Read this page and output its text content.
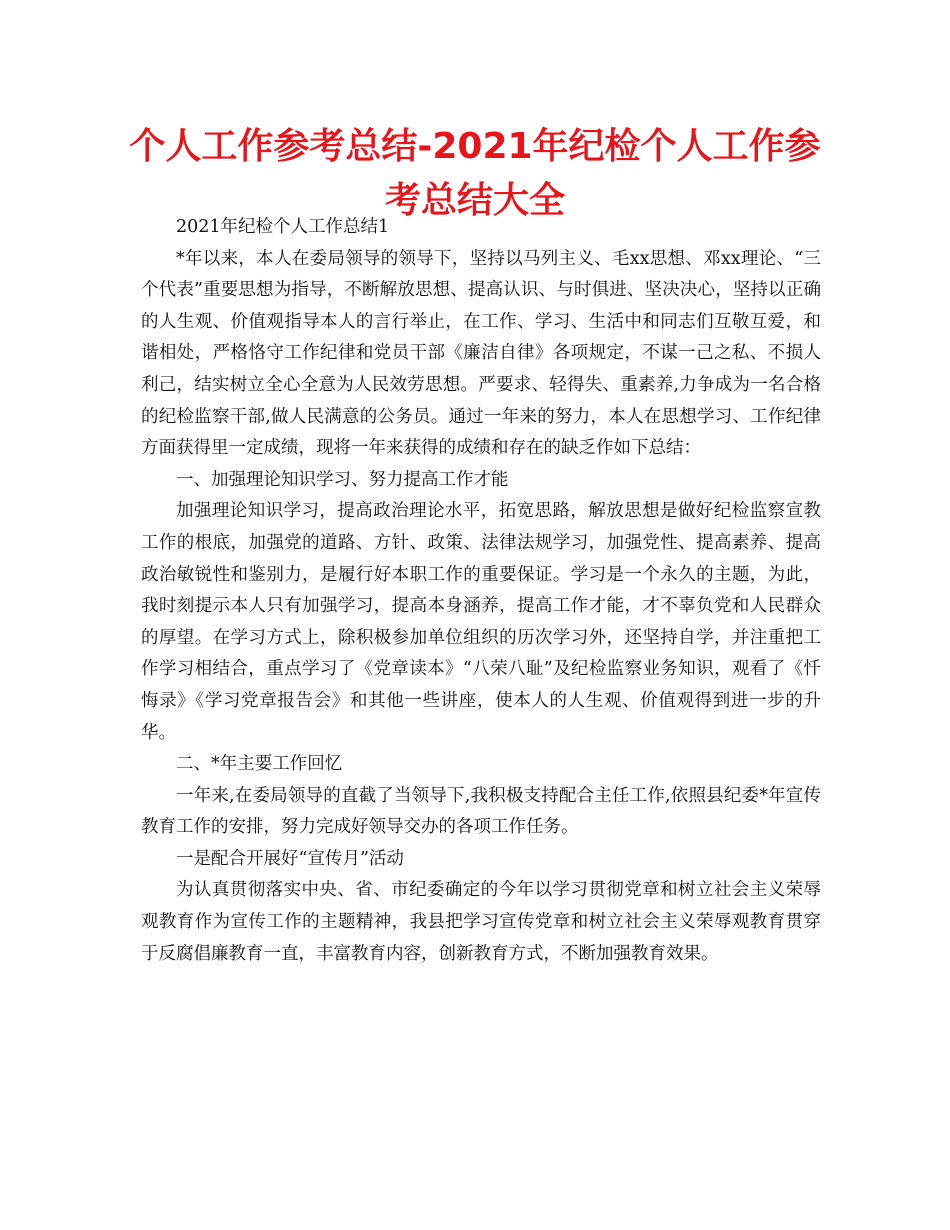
个人工作参考总结-2021年纪检个人工作参考总结大全

2021年纪检个人工作总结1

*年以来，本人在委局领导的领导下，坚持以马列主义、毛xx思想、邓xx理论、“三个代表”重要思想为指导，不断解放思想、提高认识、与时俱进、坚决决心，坚持以正确的人生观、价值观指导本人的言行举止，在工作、学习、生活中和同志们互敬互爱，和谐相处，严格恪守工作纪律和党员干部《廉洁自律》各项规定，不谋一己之私、不损人利己，结实树立全心全意为人民效劳思想。严要求、轻得失、重素养,力争成为一名合格的纪检监察干部,做人民满意的公务员。通过一年来的努力，本人在思想学习、工作纪律方面获得里一定成绩，现将一年来获得的成绩和存在的缺乏作如下总结：

一、加强理论知识学习、努力提高工作才能

加强理论知识学习，提高政治理论水平，拓宽思路，解放思想是做好纪检监察宣教工作的根底，加强党的道路、方针、政策、法律法规学习，加强党性、提高素养、提高政治敏锐性和鉴别力，是履行好本职工作的重要保证。学习是一个永久的主题，为此，我时刻提示本人只有加强学习，提高本身涵养，提高工作才能，才不辜负党和人民群众的厚望。在学习方式上，除积极参加单位组织的历次学习外，还坚持自学，并注重把工作学习相结合，重点学习了《党章读本》“八荣八耻”及纪检监察业务知识，观看了《忏悔录》《学习党章报告会》和其他一些讲座，使本人的人生观、价值观得到进一步的升华。

二、*年主要工作回忆

一年来,在委局领导的直截了当领导下,我积极支持配合主任工作,依照县纪委*年宣传教育工作的安排，努力完成好领导交办的各项工作任务。

一是配合开展好“宣传月”活动

为认真贯彻落实中央、省、市纪委确定的今年以学习贯彻党章和树立社会主义荣辱观教育作为宣传工作的主题精神，我县把学习宣传党章和树立社会主义荣辱观教育贯穿于反腐倡廉教育一直，丰富教育内容，创新教育方式，不断加强教育效果。
